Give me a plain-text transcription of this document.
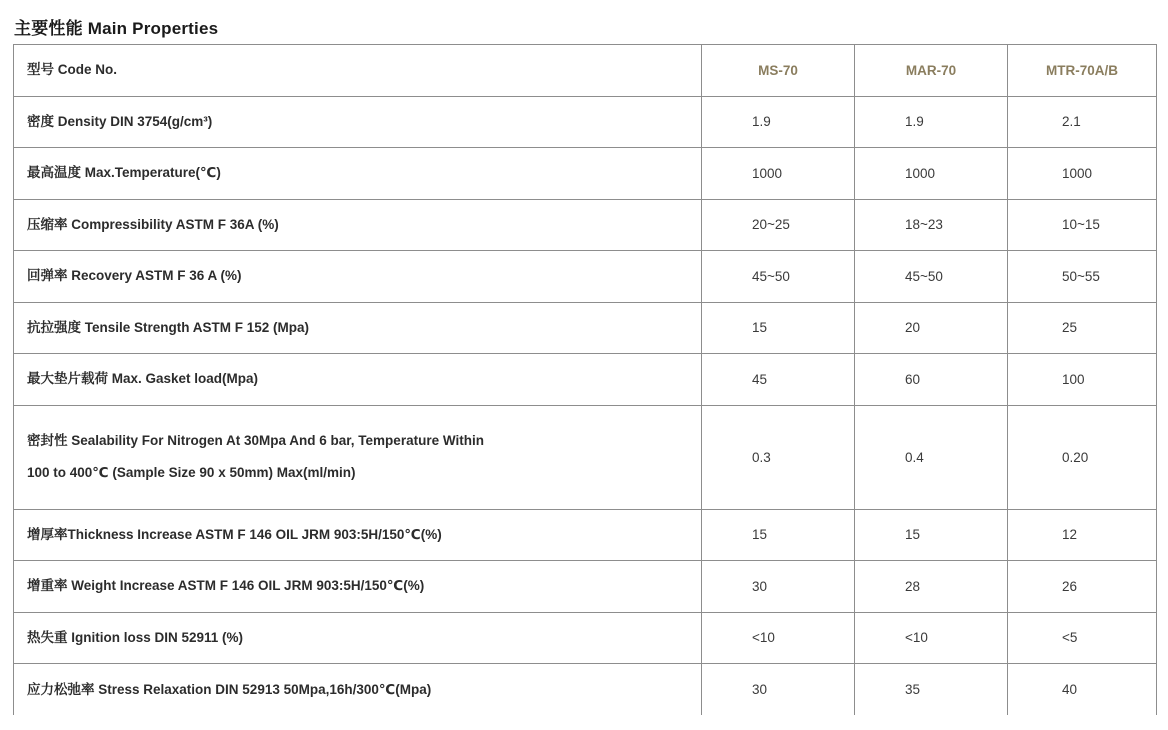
主要性能 Main Properties
型号 Code No.	MS-70	MAR-70	MTR-70A/B
密度 Density DIN 3754(g/cm³)	1.9	1.9	2.1
最高温度 Max.Temperature(℃)	1000	1000	1000
压缩率 Compressibility ASTM F 36A (%)	20~25	18~23	10~15
回弹率 Recovery ASTM F 36 A (%)	45~50	45~50	50~55
抗拉强度 Tensile Strength ASTM F 152 (Mpa)	15	20	25
最大垫片载荷 Max. Gasket load(Mpa)	45	60	100

密封性 Sealability For Nitrogen At 30Mpa And 6 bar, Temperature Within
100 to 400℃ (Sample Size 90 x 50mm) Max(ml/min)	0.3	0.4	0.20
增厚率Thickness Increase ASTM F 146 OIL JRM 903:5H/150℃(%)	15	15	12
增重率 Weight Increase ASTM F 146 OIL JRM 903:5H/150℃(%)	30	28	26
热失重 Ignition loss DIN 52911 (%)	<10	<10	<5
应力松弛率 Stress Relaxation DIN 52913 50Mpa,16h/300℃(Mpa)	30	35	40
